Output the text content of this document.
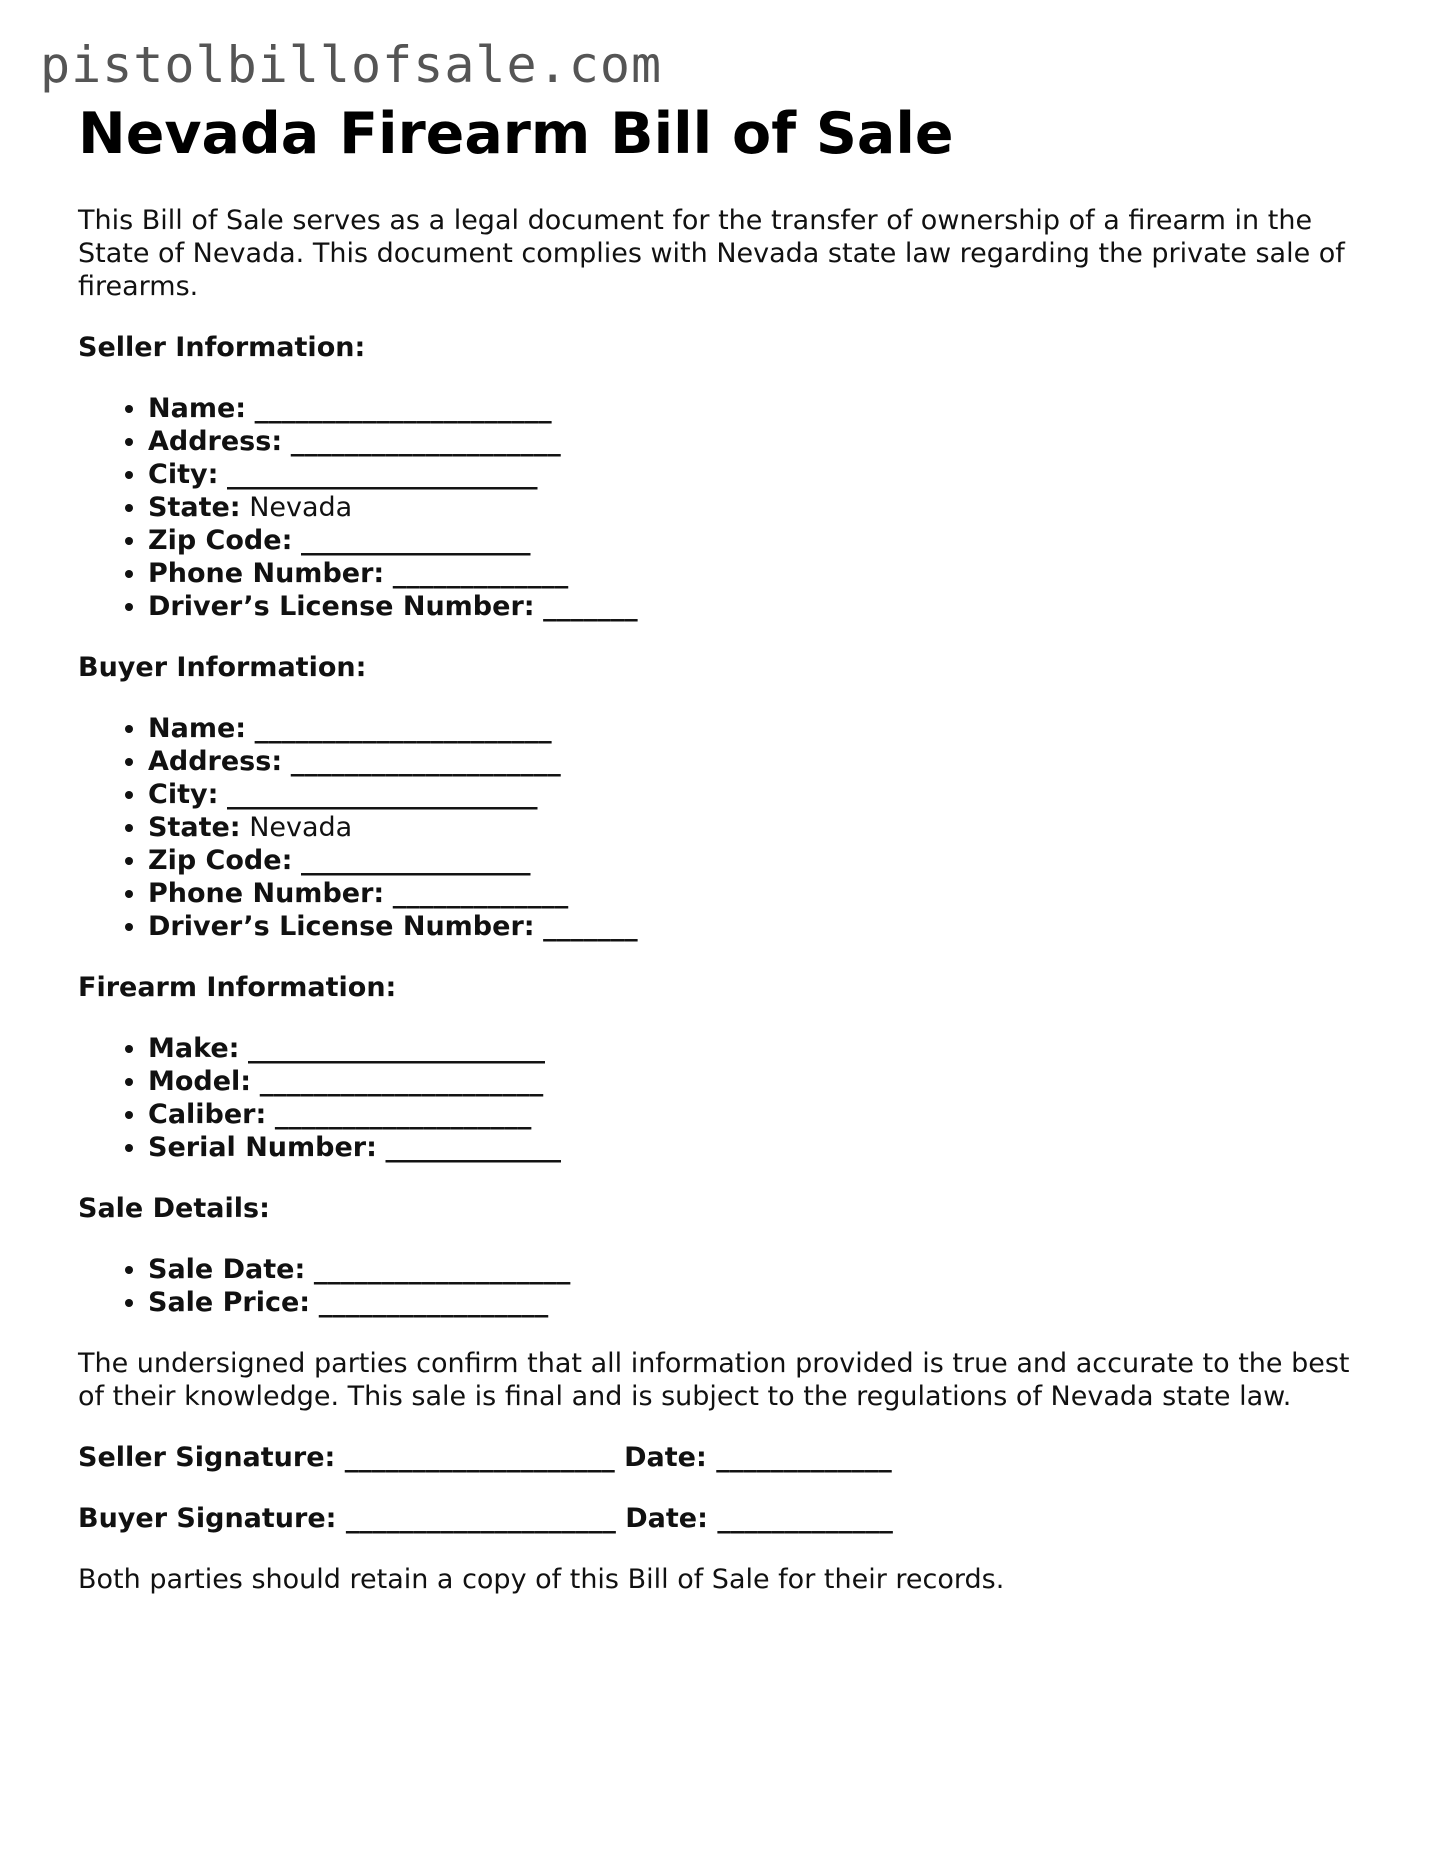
pistolbillofsale.com
Nevada Firearm Bill of Sale

This Bill of Sale serves as a legal document for the transfer of ownership of a firearm in the State of Nevada. This document complies with Nevada state law regarding the private sale of firearms.

Seller Information:
• Name: ______________________
• Address: ____________________
• City: _______________________
• State: Nevada
• Zip Code: _________________
• Phone Number: _____________
• Driver’s License Number: _______
Buyer Information:
• Name: ______________________
• Address: ____________________
• City: _______________________
• State: Nevada
• Zip Code: _________________
• Phone Number: _____________
• Driver’s License Number: _______
Firearm Information:
• Make: ______________________
• Model: _____________________
• Caliber: ___________________
• Serial Number: _____________
Sale Details:
• Sale Date: ___________________
• Sale Price: _________________

The undersigned parties confirm that all information provided is true and accurate to the best of their knowledge. This sale is final and is subject to the regulations of Nevada state law.

Seller Signature: ____________________ Date: _____________
Buyer Signature: ____________________ Date: _____________

Both parties should retain a copy of this Bill of Sale for their records.
